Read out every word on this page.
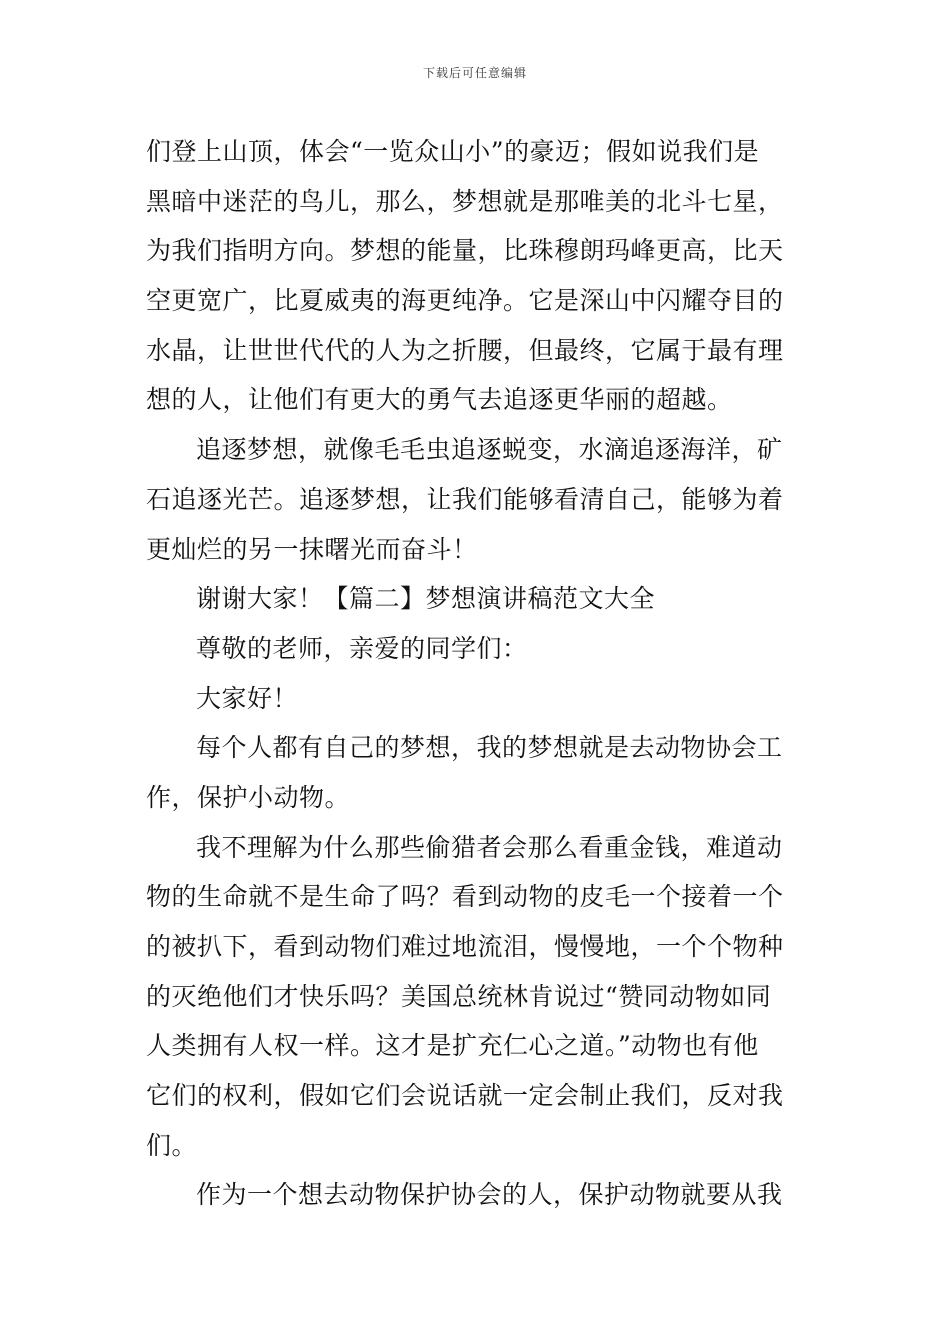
下载后可任意编辑

们登上山顶，体会“一览众山小”的豪迈；假如说我们是

黑暗中迷茫的鸟儿，那么，梦想就是那唯美的北斗七星，

为我们指明方向。梦想的能量，比珠穆朗玛峰更高，比天

空更宽广，比夏威夷的海更纯净。它是深山中闪耀夺目的

水晶，让世世代代的人为之折腰，但最终，它属于最有理

想的人，让他们有更大的勇气去追逐更华丽的超越。

追逐梦想，就像毛毛虫追逐蜕变，水滴追逐海洋，矿

石追逐光芒。追逐梦想，让我们能够看清自己，能够为着

更灿烂的另一抹曙光而奋斗！

谢谢大家！【篇二】梦想演讲稿范文大全

尊敬的老师，亲爱的同学们：

大家好！

每个人都有自己的梦想，我的梦想就是去动物协会工

作，保护小动物。

我不理解为什么那些偷猎者会那么看重金钱，难道动

物的生命就不是生命了吗？看到动物的皮毛一个接着一个

的被扒下，看到动物们难过地流泪，慢慢地，一个个物种

的灭绝他们才快乐吗？美国总统林肯说过“赞同动物如同

人类拥有人权一样。这才是扩充仁心之道。”动物也有他

它们的权利，假如它们会说话就一定会制止我们，反对我

们。

作为一个想去动物保护协会的人，保护动物就要从我
